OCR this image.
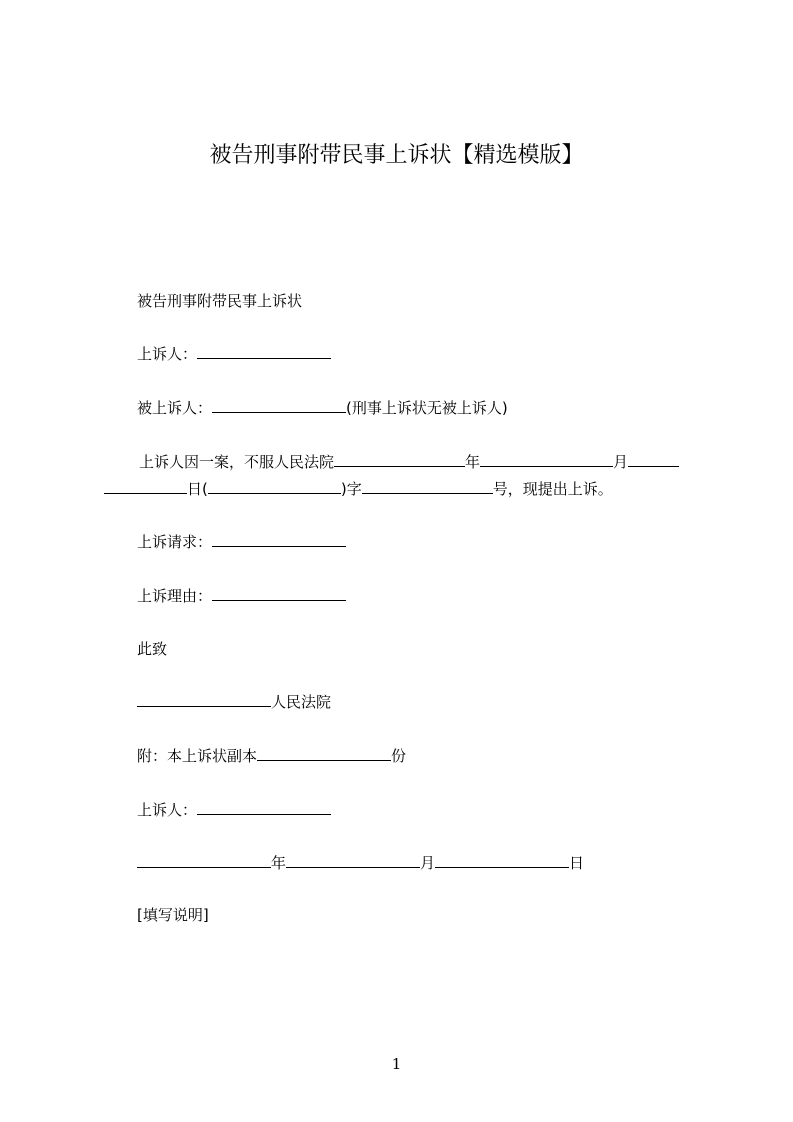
被告刑事附带民事上诉状【精选模版】
被告刑事附带民事上诉状
上诉人：
被上诉人：	(刑事上诉状无被上诉人)
上诉人因一案，不服人民法院	年	月
日(	)字	号，现提出上诉。
上诉请求：
上诉理由：
此致
人民法院
附：本上诉状副本	份
上诉人：
年	月	日
[填写说明]
1
